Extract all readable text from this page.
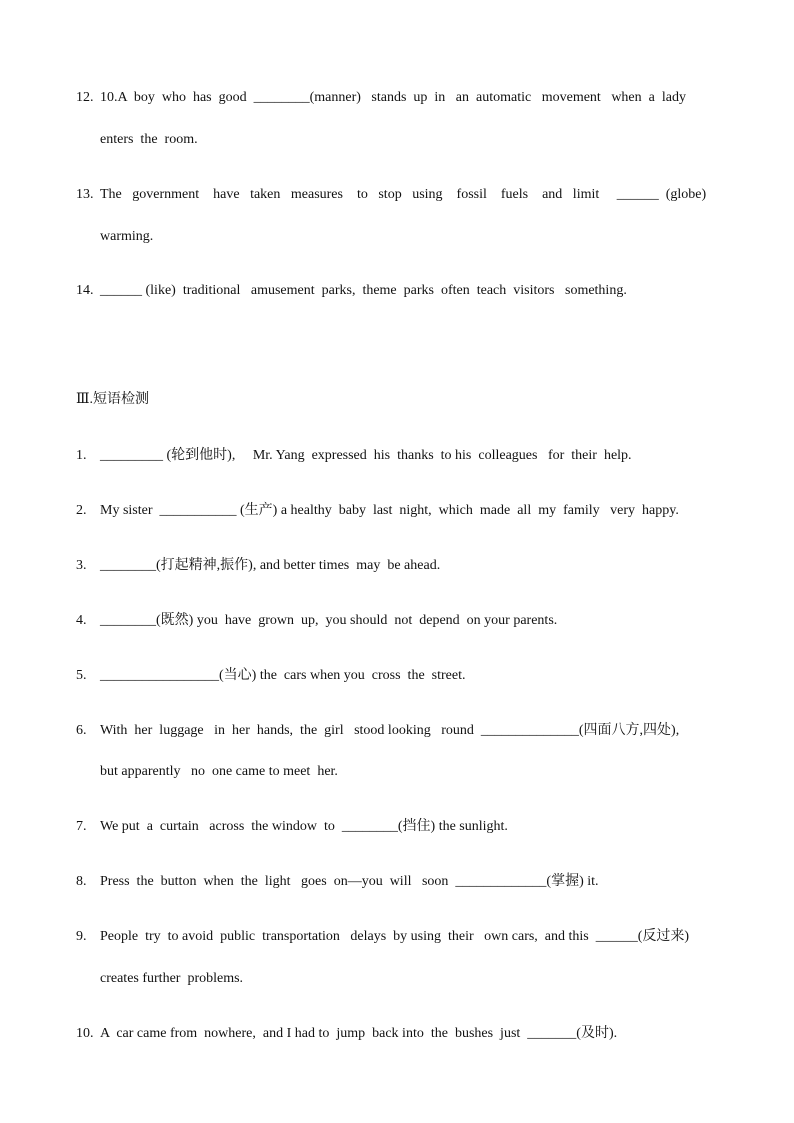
12. 10.A  boy  who  has  good  ________(manner)   stands  up  in   an  automatic   movement   when  a  lady
enters  the  room.
13. The   government    have   taken   measures    to   stop   using    fossil    fuels    and   limit     ______  (globe)
warming.
14. ______ (like)  traditional   amusement  parks,  theme  parks  often  teach  visitors   something.
Ⅲ.短语检测
1. _________ (轮到他时),     Mr. Yang  expressed  his  thanks  to his  colleagues   for  their  help.
2. My sister  ___________ (生产) a healthy  baby  last  night,  which  made  all  my  family   very  happy.
3. ________(打起精神,振作), and better times  may  be ahead.
4. ________(既然) you  have  grown  up,  you should  not  depend  on your parents.
5. _________________(当心) the  cars when you  cross  the  street.
6. With  her  luggage   in  her  hands,  the  girl   stood looking   round  ______________(四面八方,四处),
but apparently   no  one came to meet  her.
7. We put  a  curtain   across  the window  to  ________(挡住) the sunlight.
8. Press  the  button  when  the  light   goes  on—you  will   soon  _____________(掌握) it.
9. People  try  to avoid  public  transportation   delays  by using  their   own cars,  and this  ______(反过来)
creates further  problems.
10. A  car came from  nowhere,  and I had to  jump  back into  the  bushes  just  _______(及时).
